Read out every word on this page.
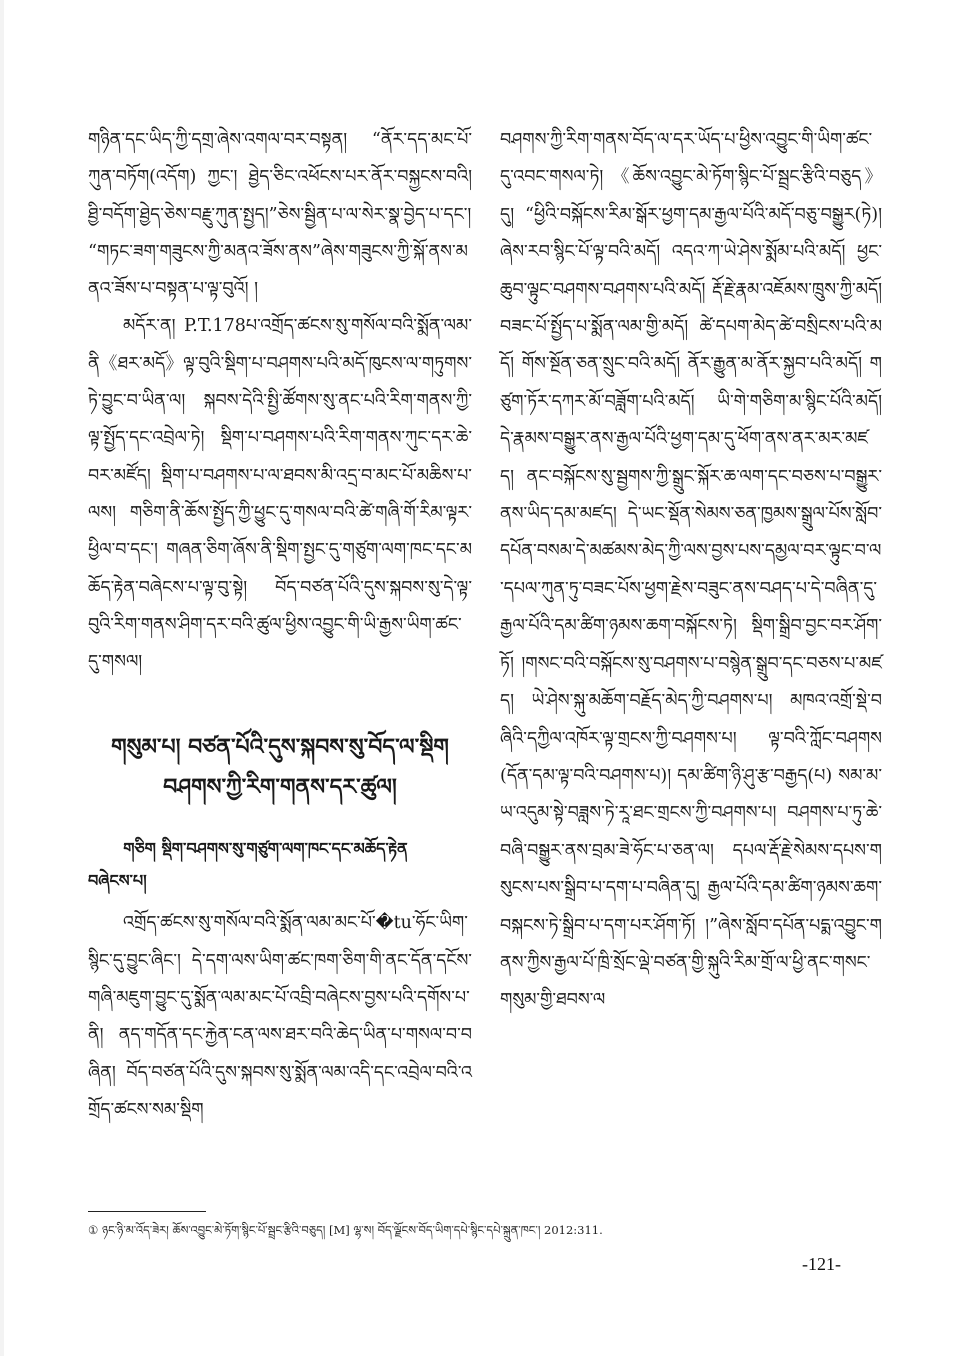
གཉིན་དང་ཡིད་ཀྱི་དགྲ་ཞེས་འགལ་བར་བསྟན། “ནོར་དད་མང་པོ་ཀུན་བཏོག(འདོག) ཀྱང་། ཐྱེད་ཅིང་འཕོངས་པར་ནོར་བསྐྱངས་བའི། ཐྱི་བདོག་ཐྱེད་ཅེས་བརྗུ་ཀུན་སྤྱད།”ཅེས་སྦྱིན་པ་ལ་སེར་སྣ་བྱེད་པ་དང་། “གཏང་ཟག་གཟུངས་ཀྱི་མནའ་ཟོས་ནས”ཞེས་གཟུངས་ཀྱི་སྐོ་ནས་མནའ་ཟོས་པ་བསྟན་པ་ལྟ་བུའོ། །

མདོར་ན། P.T.178པ་འགྲོད་ཚངས་སུ་གསོལ་བའི་སྨོན་ལམ་ནི《ཐར་མདོ》ལྟ་བུའི་སྡིག་པ་བཤགས་པའི་མདོ་ཁུངས་ལ་གཏུགས་ཏེ་བྱུང་བ་ཡིན་ལ། སྐབས་དེའི་སྤྱི་ཚོགས་སུ་ནང་པའི་རིག་གནས་ཀྱི་ལྟ་སྤྱོད་དང་འབྲེལ་ཏེ། སྡིག་པ་བཤགས་པའི་རིག་གནས་ཀུང་དར་ཆེ་བར་མཛོད། སྡིག་པ་བཤགས་པ་ལ་ཐབས་མི་འདྲ་བ་མང་པོ་མཆིས་པ་ལས། གཅིག་ནི་ཆོས་སྤྱོད་ཀྱི་ཕྱུང་དུ་གསལ་བའི་ཚེ་གཞི་གོ་རིམ་ལྟར་ཕྱིལ་བ་དང་། གཞན་ཅིག་ཞོས་ནི་སྡིག་སྤྱང་དུ་གཙུག་ལག་ཁང་དང་མཆོད་རྟེན་བཞེངས་པ་ལྟ་བུ་སྟེ། བོད་བཙན་པོའི་དུས་སྐབས་སུ་དེ་ལྟ་བུའི་རིག་གནས་ཤིག་དར་བའི་ཚུལ་ཕྱིས་འབྱུང་གི་ཡི་རྒྱས་ཡིག་ཚང་དུ་གསལ།

གསུམ་པ། བཙན་པོའི་དུས་སྐབས་སུ་བོད་ལ་སྡིག
བཤགས་ཀྱི་རིག་གནས་དར་ཚུལ།

གཅིག སྡིག་བཤགས་སུ་གཙུག་ལག་ཁང་དང་མཆོད་རྟེན

བཞེངས་པ།

འགྲོད་ཚངས་སུ་གསོལ་བའི་སྨོན་ལམ་མང་པོ་�tu་ཧོང་ཡིག་སྙིང་དུ་བྱུང་ཞིང་། དེ་དག་ལས་ཡིག་ཚང་ཁག་ཅིག་གི་ནང་དོན་དངོས་གཞི་མཇུག་བྱུང་དུ་སྨོན་ལམ་མང་པོ་འབྲི་བཞེངས་བྱས་པའི་དགོས་པ་ནི། ནད་གདོན་དང་རྐྱེན་ངན་ལས་ཐར་བའི་ཆེད་ཡིན་པ་གསལ་བ་བཞིན། བོད་བཙན་པོའི་དུས་སྐབས་སུ་སྨོན་ལམ་འདི་དང་འབྲེལ་བའི་འགྲོད་ཚངས་སམ་སྡིག

བཤགས་ཀྱི་རིག་གནས་བོད་ལ་དར་ཡོད་པ་ཕྱིས་འབྱུང་གི་ཡིག་ཚང་དུ་འབང་གསལ་ཏེ། 《ཆོས་འབྱུང་མེ་ཏོག་སྙིང་པོ་སྦྲང་རྩིའི་བཅུད》དུ། “ཕྱིའི་བསྐོངས་རིམ་སྒོར་ཕྱག་དམ་རྒྱལ་པོའི་མདོ་བཅུ་བསྒྱུར(ཏེ)།ཞེས་རབ་སྙིང་པོ་ལྟ་བའི་མདོ། འདའ་ཀ་ཡེ་ཤེས་སྨོམ་པའི་མདོ། ཕྱང་ཆུབ་ལྟུང་བཤགས་བཤགས་པའི་མདོ། རྡོ་རྗེ་རྣམ་འཇོམས་ཁྲུས་ཀྱི་མདོ། བཟང་པོ་སྤྱོད་པ་སྨོན་ལམ་གྱི་མདོ། ཚེ་དཔག་མེད་ཚེ་བསྲིངས་པའི་མདོ། གོས་སྔོན་ཅན་སྲུང་བའི་མདོ། ནོར་རྒྱུན་མ་ནོར་སྐྱབ་པའི་མདོ། གཙུག་ཏོར་དཀར་མོ་བཟློག་པའི་མདོ། ཡི་གེ་གཅིག་མ་སྙིང་པོའི་མདོ། དེ་རྣམས་བསྒྱུར་ནས་རྒྱལ་པོའི་ཕྱག་དམ་དུ་ཕོག་ནས་ནར་མར་མཛད། ནང་བསྐོངས་སུ་སྦྱགས་ཀྱི་སྒྲུང་སྐོར་ཆ་ལག་དང་བཅས་པ་བསྒྱུར་ནས་ཡིད་དམ་མཛད། དེ་ཡང་སྡོན་སེམས་ཅན་ཁྱམས་སྒྲུལ་པོས་སློབ་དཔོན་བསམ་དེ་མཚམས་མེད་ཀྱི་ལས་བྱས་པས་དམྱལ་བར་ལྟུང་བ་ལ་དཔལ་ཀུན་ཏུ་བཟང་པོས་ཕྱག་རྗེས་བཟུང་ནས་བཤད་པ་དེ་བཞིན་དུ་རྒྱལ་པོའི་དམ་ཚིག་ཉམས་ཆག་བསྐོངས་ཏེ། སྡིག་སྒྲིབ་བྱང་བར་ཤོག་ཏོ། །གསང་བའི་བསྐོངས་སུ་བཤགས་པ་བསྙེན་སྒྲུབ་དང་བཅས་པ་མཛད། ཡེ་ཤེས་སྐུ་མཆོག་བརྗོད་མེད་ཀྱི་བཤགས་པ། མཁའ་འགྲོ་སྡེ་བཞིའི་དཀྱིལ་འཁོར་ལྟ་གྲངས་ཀྱི་བཤགས་པ། ལྟ་བའི་ཀློང་བཤགས(དོན་དམ་ལྟ་བའི་བཤགས་པ)། དམ་ཚིག་ཉི་ཤུ་རྩ་བརྒྱད(པ) སམ་མ་ཡ་འདུམ་སྟེ་བཟླས་ཏེ་རཱ་ཐང་གྲངས་ཀྱི་བཤགས་པ། བཤགས་པ་ཏུ་ཆེ་བཞི་བསྒྱུར་ནས་བྲམ་ཟེ་ཧོང་པ་ཅན་ལ། དཔལ་རྡོ་རྗེ་སེམས་དཔས་གསུངས་པས་སྒྲིབ་པ་དག་པ་བཞིན་དུ། རྒྱལ་པོའི་དམ་ཚིག་ཉམས་ཆག་བསྐངས་ཏེ་སྒྲིབ་པ་དག་པར་ཤོག་ཏོ། །”ཞེས་སློབ་དཔོན་པདྨ་འབྱུང་གནས་ཀྱིས་རྒྱལ་པོ་ཁྲི་སྲོང་ལྡེ་བཙན་གྱི་སྐུའི་རིམ་གྲོ་ལ་ཕྱི་ནང་གསང་གསུམ་གྱི་ཐབས་ལ

① ཉང་ཉི་མ་འོད་ཟེར། ཆོས་འབྱུང་མེ་ཏོག་སྙིང་པོ་སྦྲང་རྩིའི་བཅུད། [M] ལྷ་ས། བོད་ལྗོངས་བོད་ཡིག་དཔེ་སྙིང་དཔེ་སྐྲུན་ཁང་། 2012:311.
-121-
